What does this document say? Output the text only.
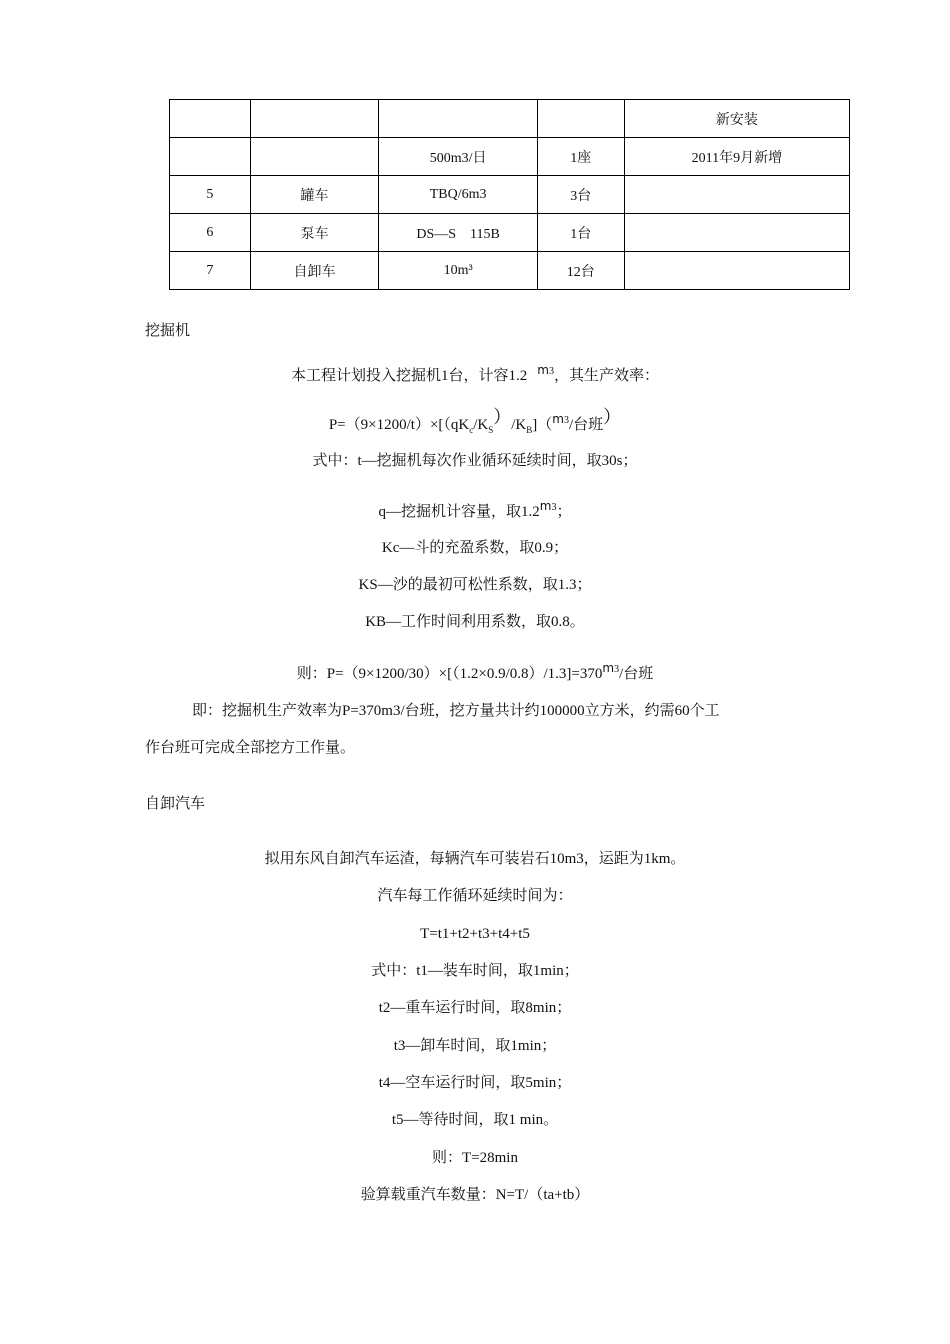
				新安装
		500m3/日	1座	2011年9月新增
5	罐车	TBQ/6m3	3台	
6	泵车	DS—S　115B	1台	
7	自卸车	10m³	12台	
挖掘机
本工程计划投入挖掘机1台，计容1.2 $^{m3}$，其生产效率：
$P=(9\times 1200/t)\times[(qK_c/K_S)/K_B](^{m3}/$台班）
式中：t—挖掘机每次作业循环延续时间，取30s；
q—挖掘机计容量，取$1.2^{m3}$；
Kc—斗的充盈系数，取0.9；
KS—沙的最初可松性系数，取1.3；
KB—工作时间利用系数，取0.8。
则：$P=(9\times 1200/30)\times[(1.2\times 0.9/0.8)/1.3]=370^{m3}/$台班
即：挖掘机生产效率为P=370m3/台班，挖方量共计约100000立方米，约需60个工
作台班可完成全部挖方工作量。
自卸汽车
拟用东风自卸汽车运渣，每辆汽车可装岩石10m3，运距为1km。
汽车每工作循环延续时间为：
T=t1+t2+t3+t4+t5
式中：t1—装车时间，取1min；
t2—重车运行时间，取8min；
t3—卸车时间，取1min；
t4—空车运行时间，取5min；
t5—等待时间，取1 min。
则：T=28min
验算载重汽车数量：N=T/（ta+tb）
